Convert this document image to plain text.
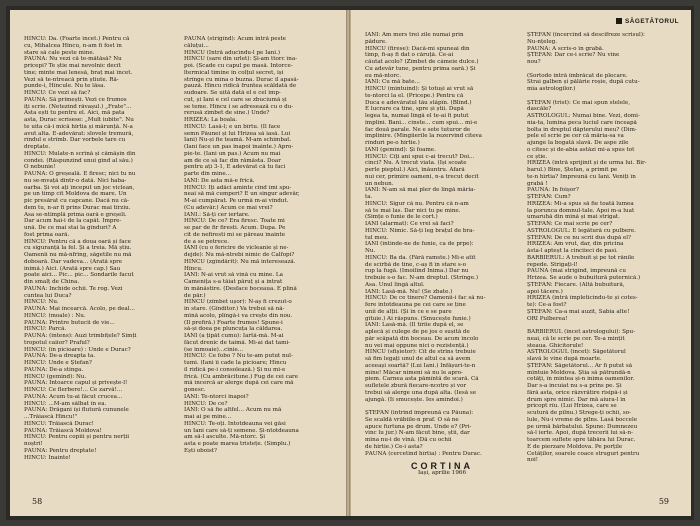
HINCU: Da. (Foarte încet.) Pentru că

cu, Mihalcea Hîncu, n-am fi fost în

stare să cale peste mine.

PĂUNA: Nu vezi că te-mătăsă? Nu

pricepi? Te știe mai nevolnic decît

tine; minte mai lenesă, braț mai încet.

Vezi să te-ntreacă prin știute. Ră-

punde-i, Hîncule. Nu te lăsa.

HINCU: Ce vezi să fac?

PĂUNA: Să primești. Vezi ce frumos

îți scrie. (Netezind răvașul.) „Frate"...

Asta ești tu pentru el. Aici, mă pata

asta, Durac scrisese: „Mult iubite". Nu

te uita că-i mică hîrtia și mărunță. N-a

avut alta. E-adevărat: slovele tremură,

rîndul e strîmb. Dar vorbele tare cu

dreptate.

HINCU: Mulate-n scrînă și cămășin din

condei. (Răspunzînd unui gînd al său.)

O nebunie!

PĂUNA: O greșeală. E firesc; nici tu nu

nu se-mvață dintr-o dată. Nici haba-

oarba. Și voi ați început un joc viclean,

pe un timp cît Moldova de mare. Un

pic presărat cu capcane. Dacă nu că-

dem tu, n-ar fi prins Durac mai tîrziu.

Asa se-ntîmplă prima oară e greșeli.

Dar acum hai-i de la capăt. Împre-

ună. De ce mai stai la gînduri? A

fost prima oară.

HINCU: Pentru că a doua oară și face

cu siguranță la fel. Și a treia. Mă știu.

Oamenii nu mă-nfrîng, săgetile nu mă

doboară. Dar vadeva... (Arată spre

inimă.) Aici. (Arată spre cap.) Sau

poate aici... Pic... pic... Sondarile facut

din smalț de China.

PĂUNA: Închide ochii. Te rog. Vezi

cuntea lui Duca?

HINCU: Nu.

PĂUNA: Mai încearcă. Acolo, pe deal...

HINCU: (moale) : Nu.

PĂUNA: Printre butucii de vie...

HINCU: Parcă.

PĂUNA: (intens): Auzi trîmbițele? Simți

tropotul caiior? Praful?

HINCU: (în picioare) : Unde e Durac?

PĂUNA: De-a dreapta ta.

HINCU: Unde e Ștefan?

PĂUNA: De-a stînga.

HINCU (gemînd): Nu.

PĂUNA: Întoarce capul și privește-l!

HINCU: Ce flerbere!... Ce zarvă!...

PĂUNA: Acum tu-ai făcut crucea...

HINCU: ...M-am sălbat în ea.

PĂUNA: Drăgani își flutură cununele

...Trăiască Hîncu!"

HINCU: Trăiască Durac!

PĂUNA: Trăiască Moldova!

HINCU: Pentru copiii și pentru nerții

noștri!

PĂUNA: Pentru dreptate!

HINCU: Înainte!

PĂUNA (strigînd): Acum intră peste

căluțui...

HINCU (Intră aducîndu-l pe Iani.)

HINCU (sare din urlet): Și-am ttorc îna-

poi. (Scade cu capul pe masă. Întorce-

ltermical timine în colțul secret, își

strînge cu mîna o buzna. Durac îl apasă-

pauză. Hîncu ridică fruntea scăldată de

sudoare. Se uită dată el e cel împ-

cut, și Iani e cel care se zbuciumă și

se teme. Hîncu i se adresează cu o du-

rerusă zîmbet de sine.) Unde?

HRIZEA: La boala.

HINCU: Lasă-l; e un bîrtu. (Îl face

semn Păunei și lui Hrizea să iasă. Lui

Iani) Nu-și fie teamă. M-am schimbat.

(Iani face un pas înapoi înainte.) Apro-

pie-te. (Iani un pas.) Acum nu mai

am de ce să fac din rămăsta. Doar

pentru ați 3-1, E adevărat că tu faci

parte din mine...

IANI: De asta mă-e frică.

HINCU: Îți adăci aminte cînd îmi spu-

neai să mă cumperi? E un singur adevăr,

M-ai cumpărat. Pe urmă m-ai vîndut.

(Cu adevăr.) Acum ce mai vrei?

IANI.: Să-ți cer iertare.

HINCU: De ce? Era firesc. Toate mi

se par de fir firesti. Acum. Dupa. Pe

cît de nefiresti mi se păreau înainte

de a se petrece.

IANI (cu o fericire de vicleanie și ne-

dejde): Nu mă-ntrebi nimic de Calfopi?

HINCU (zgîndărit): Nu mă interesează.

Hîncu.

IANI: N-ai vrut să vină cu mine. La

Camenița s-a tăiat păruț și a intrat

în mănăstire. (Desface boceaua. E plină

de păr.)

HINCU (zîmbet ușor): N-aș fi crezut-o

în stare. (Gînditor.) Va trebui să nă-

mînă acolo, plîngă-i va crește din nou.

(Îl prefiră.) Foarte frumos! Spune-i

să-și doea pe pluncuța la căldarea.

IANI (a țipăt cumu): Iartă-mă. M-ai

făcut drenic de taimă. Mi-ai dat tami-

(se înmoaie)...cînie...

HINCU: Ce fobo ? Nu te-am putut nul-

tumi. (Iani îi cade la picioare; Hîncu

îl ridică pe-i consolează.) Și nu mi-e

frică. (Cu ambrăcitune.) Fug de cei care

mă încercă ar alerge după cei care mă

gonesc.

IANI: Te-ntorci înapoi?

HINCU: De ce?

IANI: O să fie altfel... Acum nu mă

mai ai pe mine...

HINCU: Te-oți. Întotdeauna vei găsi

un Iani care să-ți semene. Și-ntotdeauna

am să-l asculte. Mă-ntorc. Și

asta e poate marea tristețe. (Simplu.)

Ești oboist?

58
SĂGETĂTORUL

IANI: Am mers trei zile numai prin

pădure.

HINCU (firese): Dacă-mi spuneai din

timp, fi-aș fi dat o căruță. Ce-ai

căutat acolo? (Zîmbet de câmeie dulce.)

Cu adevăr tune, pentru prima oară.) Și

eu mă-ntorc.

IANI: Cu mă bate...

HINCU (mîntuind): Și totuși ai vrut să

te-ntorci la el. (Pricepe.) Pentru că

Duca e adevăratul tău stăpîn. (Blînd.)

E lucrare ca tine, spre și știi. După

legea ta, numai lîngă el te-ai fi putut

împlini. Bani... cinste... cum spui... mi-e

fac două parale. Ne e sete tuturor de

împlinire. (Mîngîierile la rezervînd cîteva

rînduri pe-o hîrtie.)

IANI (gemînd): Și foame.

HINCU: Cîți ani spui c-ai trecut? Doi...

cinci? Nu. A trecut viata. (Își scoate

perle pieptul.) Aici, înăuntru. Afară

nui cer, primire oameni, n-a trecut decît

un nebun.

IANI: N-am să mai pler de lîngă măria-

ta.

HINCU: Sigur că nu. Pentru că n-am

să te mai las. Dar nici tu pe mine.

(Simțe o funie de le cort.)

IANI (alarmat): Ce vrei să faci?

HINCU: Nimic. Să-ți leg brațul de bra-

tul meu.

IANI (întinde-ne de funie, ca de prpe):

Nu.

HINCU: Ba da. (Fără ramste.) Mi-e atît

de scîrbă de tine, c-aș fi în stare s-o

rup la fugă. (Imoilînd Inima.) Dar nu

trebuie s-o fac. N-am dreptul. (Strînge.)

Asa. Unul lîngă altul.

IANI: Lasă-mă. Nu! (Se zbate.)

HINCU: De ce tinere? Oamenii-i fac să nu-

fere întotdeauna pe cei care se ține

unii de alții. (Și în ce e se pare

gîtuie.) Ai răspuns. (Smucește funie.)

IANI: Lasă-mă. (Îl tîrîie după el, se

aplecă și culege de pe jos o sușită de

păr scăpată din boceau. De acum încolo

nu vei mai oppune nici o rezistență.)

HINCU (sfișietor): Cît de strîns trebuie

să fim legați unul de altul ca să avem

aceeași soartă? (Lui Iani.) Înfășuri-te-n

mine! Măcar nimeni să nu le apro-

piem. Carnea asta pămîntă de scară. Că

sufletele zbură fiecare-ncotro și vor

trebui să alerge una după alta. (Iesă se

ajungă. (Îi smucește. Ies amîndoi.)

ȘTEFAN (intrînd împreună cu Păuna):

Se scaldă vrăbiile-n praf. O să ne

apuce furtuna pe drum. Unde e? (Pri-

vinc lu jur.) N-am făcut bine, știi, dar

mîna nu-i de vină. (Dă cu ochii

de hîrtie.) Ce-i asta?

PĂUNA (cercetînd hîrtia) : Pentru Durac.

CORTINA
Iași, aprilie 1966

ȘTEFAN (încercînd să descifreze scrisul):

Nu-nțeleg.

PĂUNA: A scris-o în grabă.

ȘTEFAN: Dar ce-i scrie? Nu vine

nou?

(Sortodo intră îmbrăcat de plecare.

Strai galben și pălărie roșie, după cutu-

mîa astrologilor.)

ȘTEFAN (trist): Ce mai spun stelele,

dascăle?

ASTROLOGUL: Numai bine. Vezi, domi-

nia-ta, lumina peca luciul care înceapă

bolta în dreptul dăpterului meu? (Dim-

pele el scrie pe cer că măria-sa va

ajunge la bogată slavă. De aspe zile

o citesc și de-abia astăzi mi-a spus tot

ce știe.

HRIZEA (intră sprijinit și de urma lui. Bir-

barul.) Bine, Ștefan, a primit pe

te-n hîrtia? Împreună cu Iani. Veniți în

grabă !

PĂUNA: În foișor?

ȘTEFAN: Cum?

HRIZEA: Mi-a spus să fie toată lumea

la porunca domnul-tale. Apoi m-a luat

umaruhă din mînă și mai strigat.

ȘTEFAN: Ce mai scrie pe cer?

ASTROLOGUL: E legătură cu pulbere.

ȘTEFAN: De ce nu scrii dus după el?

HRIZEA: Am vrut, dar, din pricina

ăsta-l apteșt la cinciieci de pasi.

BĂRBIERUL: A trebuit și pe tot rănile

repede. Strigați-l!

PĂUNA (mai strigînd, împreună cu

Hrizea. Se aude o bubuitură puternică.)

ȘTEFAN: Fiecare. (Altă bubuitură,

apoi tăcere.)

HRIZEA (intră împleticindu-te și cotes-

te): Ce-a fost?

ȘTEFAN: Ca-a mai auzit, Sabia alte!

ORI Pulberea!

BĂRBIERUL (încet astrologului): Spu-

neai, că le scrie pe cer. Te-a mințit

steaua. Ghicitorule!

ASTROLOGUL (încet): Săgetătorul

slavă le vine după moarte.

ȘTEFAN: Săgetătorul... Ar fi putut să

mîntuie Moldova. Știa să pătrundă-n

cetăți, în mintea și-n inima oamenilor.

Dar s-a încuiat nu s-a prins pe. Și

fără asta, orice răzvrătire risipă-i și

drum spre nimic. Dar mă aiura-l în

pricopt rîu. (Lui Hrizea, care se

scutură de pîlnu.) Strege-ți ochii, so-

lule, Nu-i vreme de pîlns. Lasă boccele

pe urmă bărbatului. Spune: Dumnezeu

să-l ierte. Apoi, după trecerii lui să-n-

toarcem suflete spre tăbăra lui Durac.

E de pierzare Moldova. Pe porțile

Cetăților, soarele coace struguri pentru

noi!

59
